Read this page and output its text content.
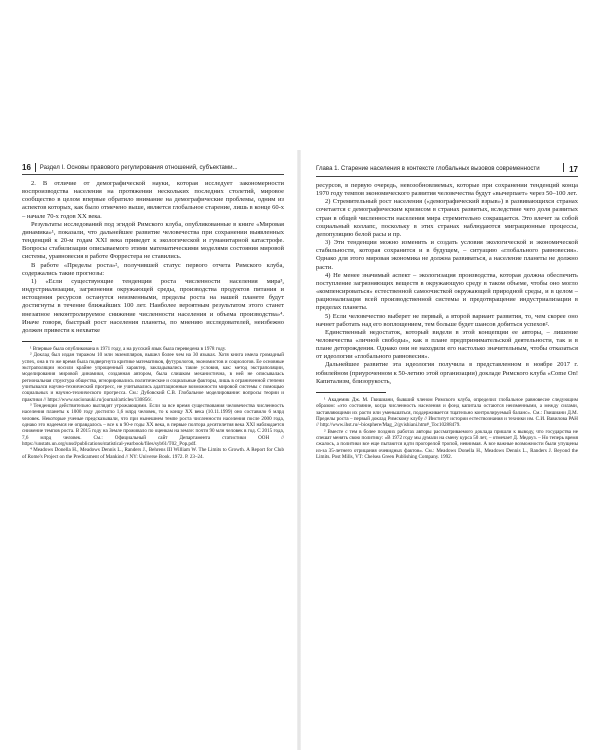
16 Раздел I. Основы правового регулирования отношений, субъектами...

2. В отличие от демографической науки, которая исследует закономерности воспроизводства населения на протяжении нескольких последних столетий, мировое сообщество в целом впервые обратило внимание на демографические проблемы, одним из аспектов которых, как было отмечено выше, является глобальное старение, лишь в конце 60-х – начале 70-х годов XX века.

Результаты исследований под эгидой Римского клуба, опубликованные в книге «Мировая динамика»¹, показали, что дальнейшее развитие человечества при сохранении выявленных тенденций к 20-м годам XXI века приведет к экологической и гуманитарной катастрофе. Вопросы стабилизации описываемого этими математическими моделями состояния мировой системы, уравновесия в работе Форрестера не ставились.

В работе «Пределы роста»², получившей статус первого отчета Римского клуба, содержались такие прогнозы:

1) «Если существующие тенденции роста численности населения мира³, индустриализации, загрязнения окружающей среды, производства продуктов питания и истощения ресурсов останутся неизменными, пределы роста на нашей планете будут достигнуты в течение ближайших 100 лет. Наиболее вероятным результатом этого станет внезапное неконтролируемое снижение численности населения и объема производства»⁴. Иначе говоря, быстрый рост населения планеты, по мнению исследователей, неизбежно должен привести к нехватке

¹ Впервые была опубликована в 1971 году, а на русский язык была переведена в 1978 году.

² Доклад был издан тиражом 10 млн экземпляров, вышел более чем на 30 языках. Хотя книга имела громадный успех, она в то же время была подвергнута критике математиков, футурологов, экономистов и социологов. Ее основные экстраполяции носили крайне упрощенный характер, закладывались такие условия, как: метод экстраполяции, моделирования мировой динамики, созданная автором, была слишком механистична, в ней не описывалась региональная структура общества, игнорировались политические и социальные факторы, лишь в ограниченной степени учитывался научно-технический прогресс, не учитывались адаптационные возможности мировой системы с помощью социальных и научно-технического прогресса. См.: Дубовский С.В. Глобальное моделирование: вопросы теории и практики // https://www.socionauki.ru/journal/articles/130856/.

³ Тенденции действительно выглядят угрожающими. Если за все время существования человечества численность населения планеты к 1000 году достигло 1,6 млрд человек, то к концу XX века (10.11.1999) оно составило 6 млрд человек. Некоторые ученые предсказывали, что при нынешнем темпе роста численности населения после 2000 года, однако это надеемся не оправдалось – все к в 90-е годы XX века, в первые полтора десятилетия века XXI наблюдается снижение темпов роста. В 2015 году на Земле проживало по оценкам на земле: почти 90 млн человек в год. С 2015 года, 7,6 млрд человек. См.: Официальный сайт Департамента статистики ООН // https://unstats.un.org/unsd/publications/statistical-yearbook/files/syb61/T02_Pop.pdf.

⁴ Meadows Donella H., Meadows Dennis L., Randers J., Behrens III William W. The Limits to Growth. A Report for Club of Rome's Project on the Predicament of Mankind // NY: Universe Book. 1972. P. 23–24.

Глава 1. Старение населения в контексте глобальных вызовов современности	17

ресурсов, в первую очередь, невозобновляемых, которые при сохранении тенденций конца 1970 году темпов экономического развития человечества будут «вычерпает» через 50–100 лет.

2) Стремительный рост населения («демографический взрыв») в развивающихся странах сочетается с демографическим кризисом в странах развитых, вследствие чего доля развитых стран в общей численности населения мира стремительно сокращается. Это влечет за собой социальный коллапс, поскольку в этих странах наблюдаются миграционные процессы, депопуляцию белой расы и пр.

3) Эти тенденции можно изменить и создать условия экологической и экономической стабильности, которая сохранится и в будущем, – ситуацию «глобального равновесия». Однако для этого мировая экономика не должна развиваться, а население планеты не должно расти.

4) Не менее значимый аспект – экологизация производства, которая должна обеспечить поступление загрязняющих веществ в окружающую среду в таком объеме, чтобы оно могло «компенсироваться» естественной самоочисткой окружающей природной среды, и в целом – рационализация всей производственной системы и предотвращение индустриализации в пределах планеты.

5) Если человечество выберет не первый, а второй вариант развития, то, чем скорее оно начнет работать над его воплощением, тем больше будет шансов добиться успехов².

Единственный недостаток, который видели в этой концепции ее авторы, – лишение человечества «личной свободы», как в плане предпринимательской деятельности, так и в плане деторождения. Однако они не находили его настолько значительным, чтобы отказаться от идеологии «глобального равновесия».

Дальнейшее развитие эта идеология получила в представленном в ноябре 2017 г. юбилейном (приуроченном к 50-летию этой организации) докладе Римского клуба «Come On! Капитализм, близорукость,

¹ Академик Дж. М. Гвишиани, бывший членом Римского клуба, определил глобальное равновесие следующим образом: «это состояние, когда численность населения и фонд капитала остаются неизменными, а между силами, заставляющими их расти или уменьшаться, поддерживается тщательно контролируемый баланс». См.: Гвишиани Д.М. Пределы роста – первый доклад Римскому клубу // Институт истории естествознания и техники им. С.И. Вавилова РАН // http://www.ihst.ru/~biosphere/Mag_2/gvishiani.htm#_Toc10288479.

² Вместе с тем в более поздних работах авторы рассматриваемого доклада пришли к выводу, что государства не спешат менять свою политику: «В 1972 году мы думали на смену курса 50 лет, – отмечает Д. Медоуз. – Но теперь время сжалось, а политики все еще пытаются идти прогорелой тропой, невнимая. А все важные возможности были упущены из-за 35-летнего отрицания очевидных фактов». См.: Meadows Donella H., Meadows Dennis L., Randers J. Beyond the Limits. Post Mills, VT: Chelsea Green Publishing Company. 1992.
